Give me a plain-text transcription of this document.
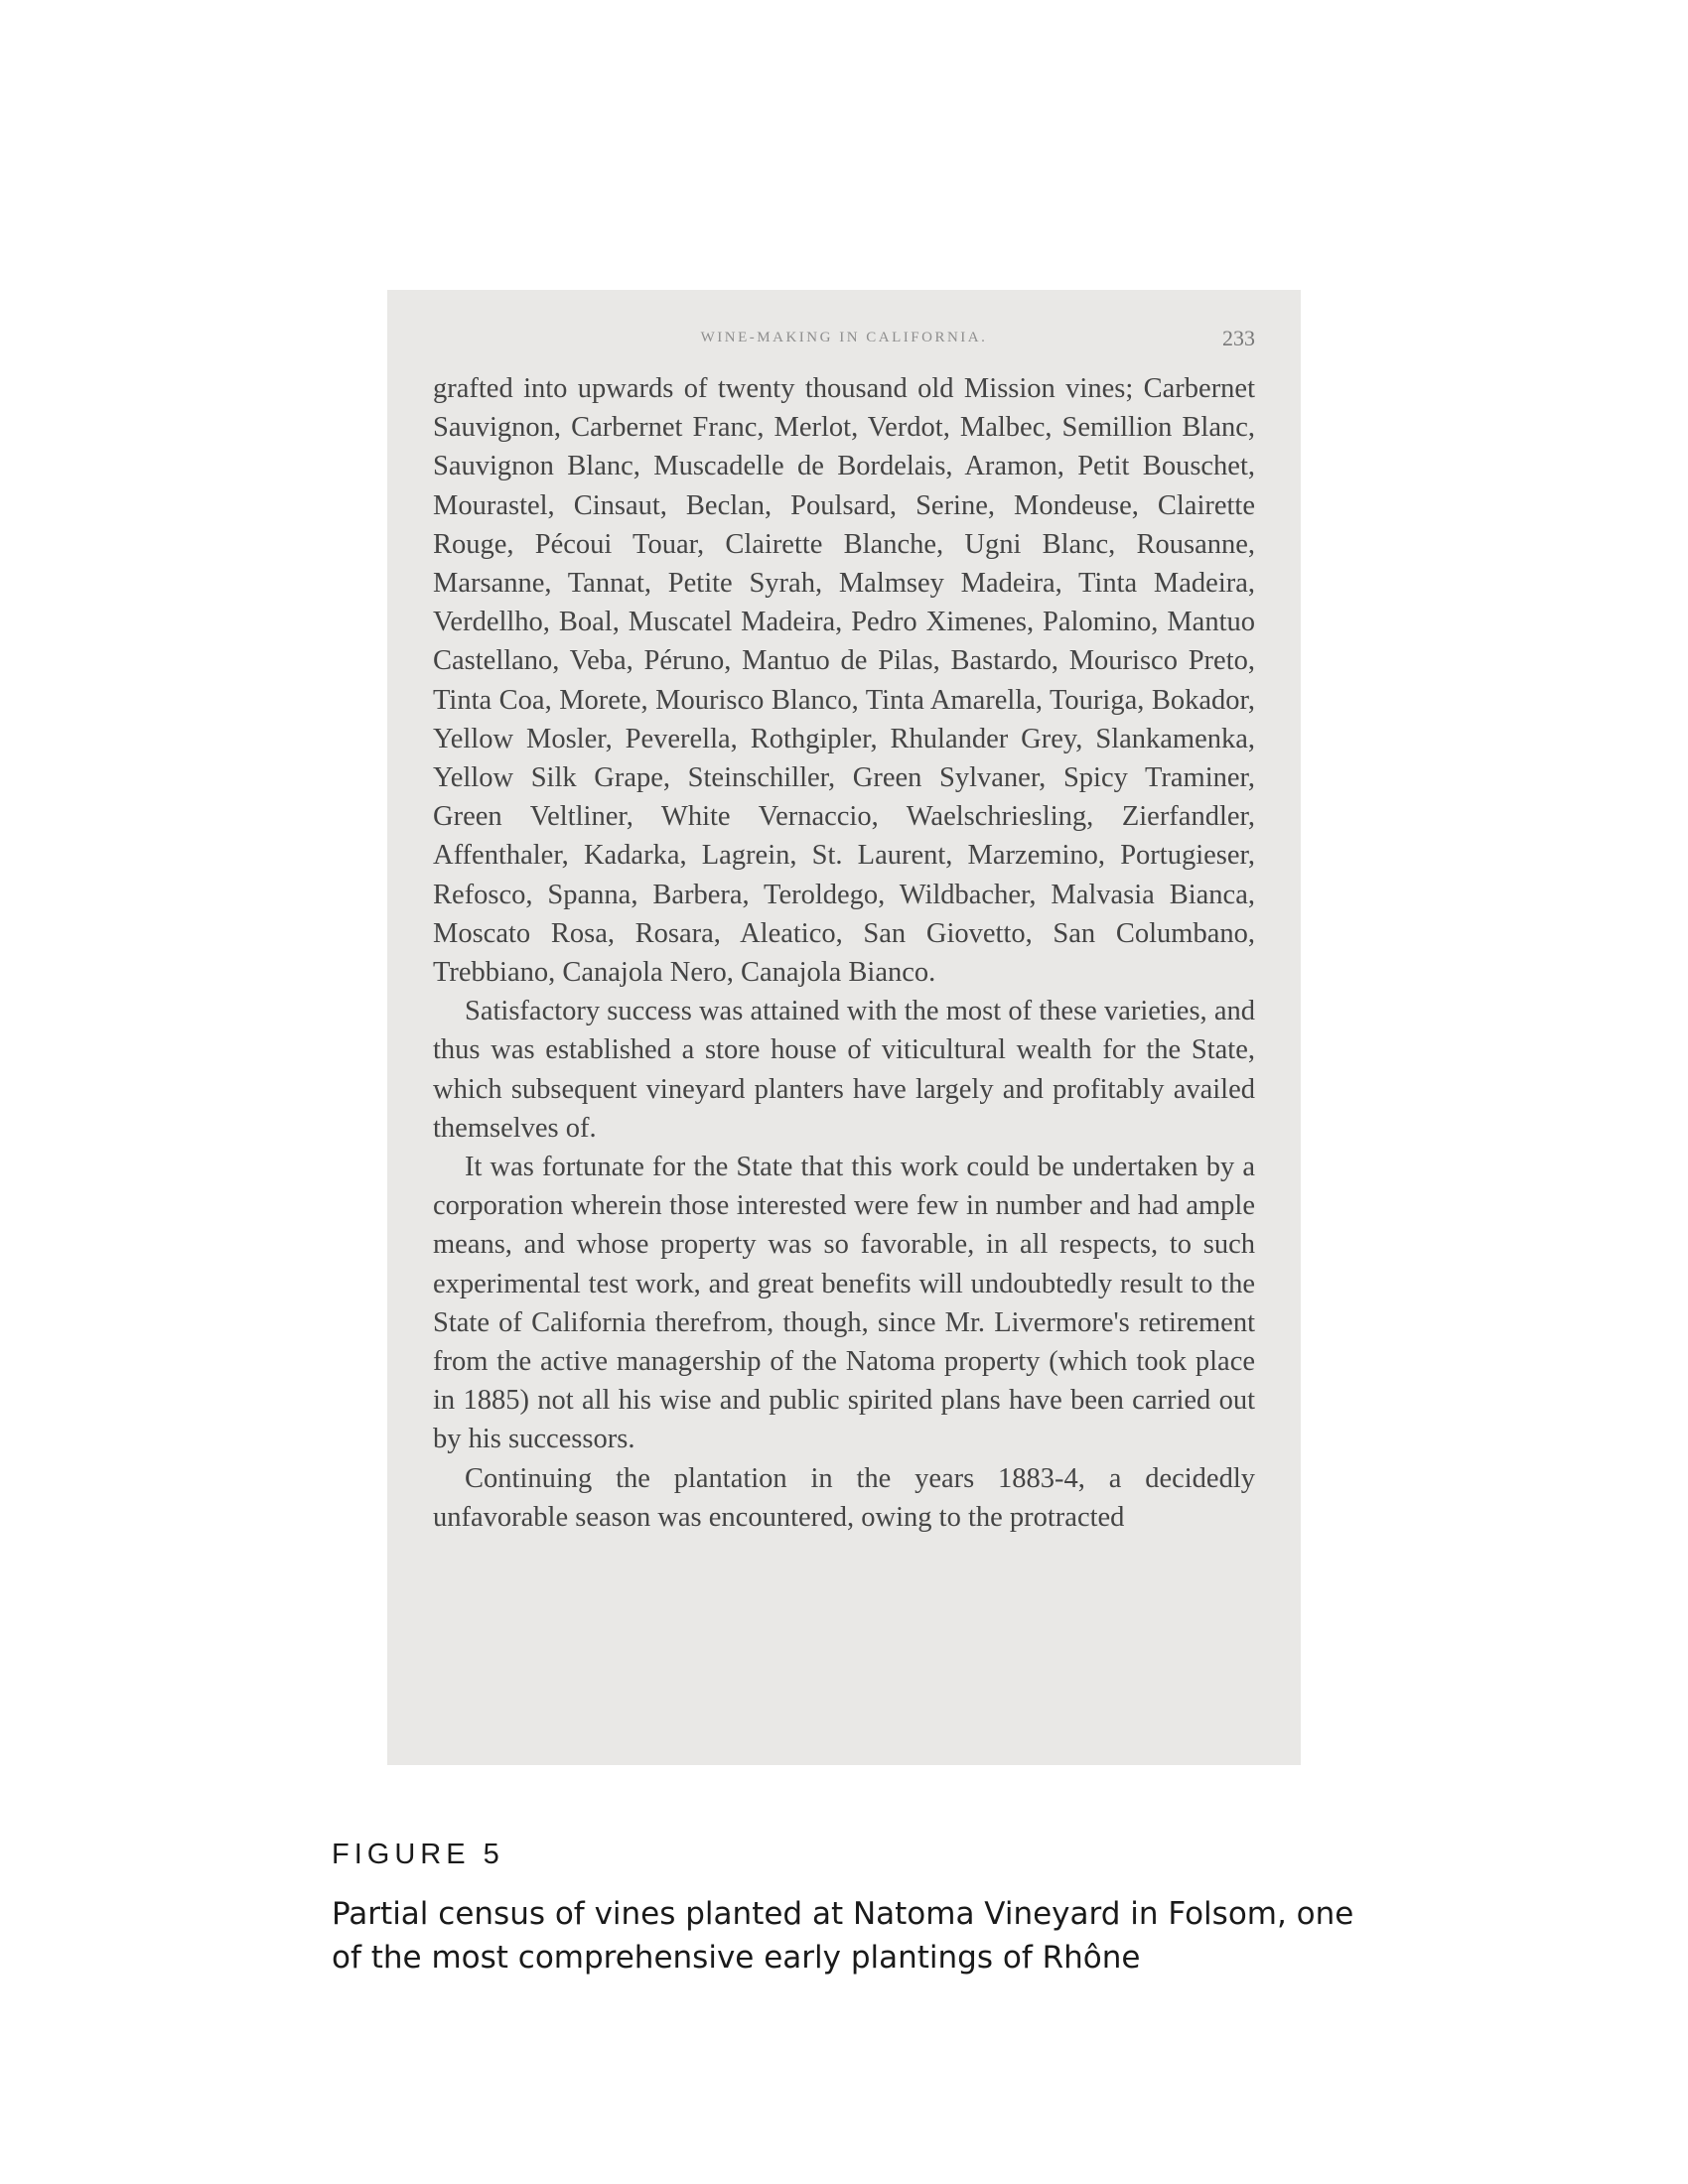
WINE-MAKING IN CALIFORNIA.	233

grafted into upwards of twenty thousand old Mission vines; Carbernet Sauvignon, Carbernet Franc, Merlot, Verdot, Malbec, Semillion Blanc, Sauvignon Blanc, Muscadelle de Bordelais, Aramon, Petit Bouschet, Mourastel, Cinsaut, Beclan, Poulsard, Serine, Mondeuse, Clairette Rouge, Pécoui Touar, Clairette Blanche, Ugni Blanc, Rousanne, Marsanne, Tannat, Petite Syrah, Malmsey Madeira, Tinta Madeira, Verdellho, Boal, Muscatel Madeira, Pedro Ximenes, Palomino, Mantuo Castellano, Veba, Péruno, Mantuo de Pilas, Bastardo, Mourisco Preto, Tinta Coa, Morete, Mourisco Blanco, Tinta Amarella, Touriga, Bokador, Yellow Mosler, Peverella, Rothgipler, Rhulander Grey, Slankamenka, Yellow Silk Grape, Steinschiller, Green Sylvaner, Spicy Traminer, Green Veltliner, White Vernaccio, Waelschriesling, Zierfandler, Affenthaler, Kadarka, Lagrein, St. Laurent, Marzemino, Portugieser, Refosco, Spanna, Barbera, Teroldego, Wildbacher, Malvasia Bianca, Moscato Rosa, Rosara, Aleatico, San Giovetto, San Columbano, Trebbiano, Canajola Nero, Canajola Bianco.

Satisfactory success was attained with the most of these varieties, and thus was established a store house of viticultural wealth for the State, which subsequent vineyard planters have largely and profitably availed themselves of.

It was fortunate for the State that this work could be undertaken by a corporation wherein those interested were few in number and had ample means, and whose property was so favorable, in all respects, to such experimental test work, and great benefits will undoubtedly result to the State of California therefrom, though, since Mr. Livermore's retirement from the active managership of the Natoma property (which took place in 1885) not all his wise and public spirited plans have been carried out by his successors.

Continuing the plantation in the years 1883-4, a decidedly unfavorable season was encountered, owing to the protracted

FIGURE 5
Partial census of vines planted at Natoma Vineyard in Folsom, one of the most comprehensive early plantings of Rhône
